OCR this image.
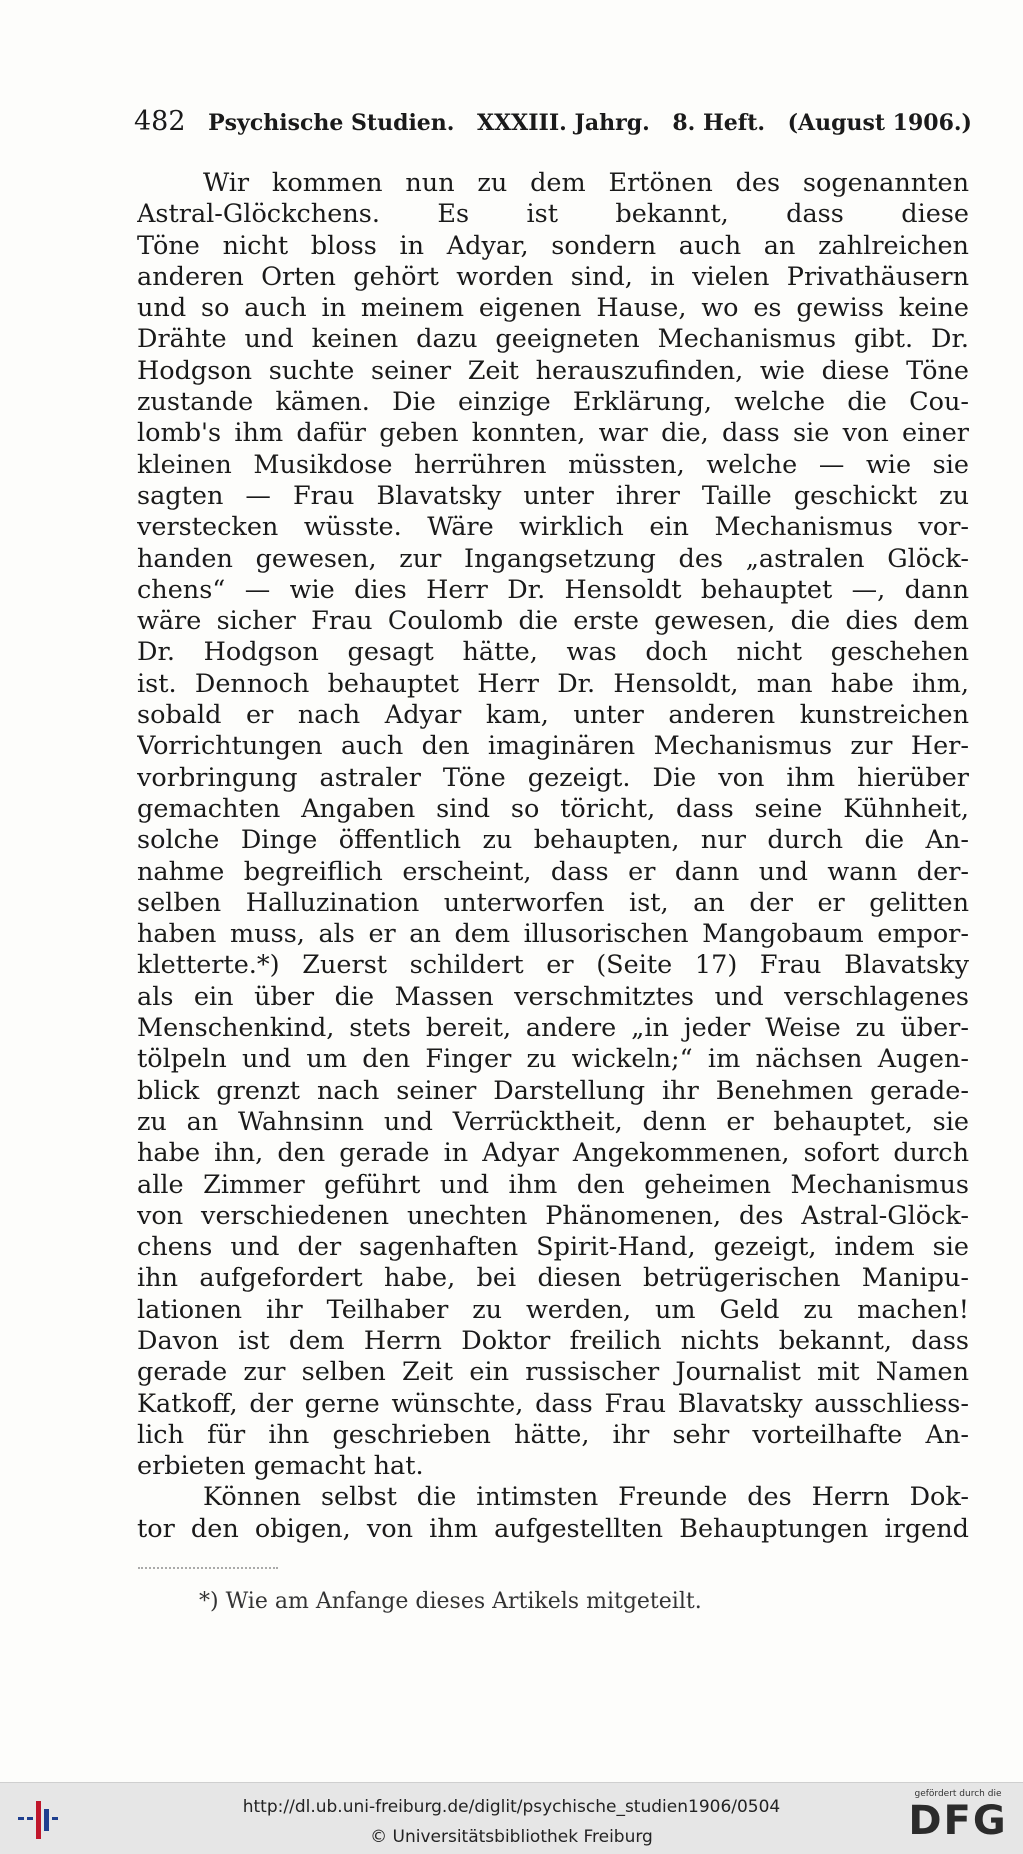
482 Psychische Studien. XXXIII. Jahrg. 8. Heft. (August 1906.)
Wir kommen nun zu dem Ertönen des sogenannten
Astral-Glöckchens. Es ist bekannt, dass diese
Töne nicht bloss in Adyar, sondern auch an zahlreichen
anderen Orten gehört worden sind, in vielen Privathäusern
und so auch in meinem eigenen Hause, wo es gewiss keine
Drähte und keinen dazu geeigneten Mechanismus gibt. Dr.
Hodgson suchte seiner Zeit herauszufinden, wie diese Töne
zustande kämen. Die einzige Erklärung, welche die Cou-
lomb's ihm dafür geben konnten, war die, dass sie von einer
kleinen Musikdose herrühren müssten, welche — wie sie
sagten — Frau Blavatsky unter ihrer Taille geschickt zu
verstecken wüsste. Wäre wirklich ein Mechanismus vor-
handen gewesen, zur Ingangsetzung des „astralen Glöck-
chens“ — wie dies Herr Dr. Hensoldt behauptet —, dann
wäre sicher Frau Coulomb die erste gewesen, die dies dem
Dr. Hodgson gesagt hätte, was doch nicht geschehen
ist. Dennoch behauptet Herr Dr. Hensoldt, man habe ihm,
sobald er nach Adyar kam, unter anderen kunstreichen
Vorrichtungen auch den imaginären Mechanismus zur Her-
vorbringung astraler Töne gezeigt. Die von ihm hierüber
gemachten Angaben sind so töricht, dass seine Kühnheit,
solche Dinge öffentlich zu behaupten, nur durch die An-
nahme begreiflich erscheint, dass er dann und wann der-
selben Halluzination unterworfen ist, an der er gelitten
haben muss, als er an dem illusorischen Mangobaum empor-
kletterte.*) Zuerst schildert er (Seite 17) Frau Blavatsky
als ein über die Massen verschmitztes und verschlagenes
Menschenkind, stets bereit, andere „in jeder Weise zu über-
tölpeln und um den Finger zu wickeln;“ im nächsen Augen-
blick grenzt nach seiner Darstellung ihr Benehmen gerade-
zu an Wahnsinn und Verrücktheit, denn er behauptet, sie
habe ihn, den gerade in Adyar Angekommenen, sofort durch
alle Zimmer geführt und ihm den geheimen Mechanismus
von verschiedenen unechten Phänomenen, des Astral-Glöck-
chens und der sagenhaften Spirit-Hand, gezeigt, indem sie
ihn aufgefordert habe, bei diesen betrügerischen Manipu-
lationen ihr Teilhaber zu werden, um Geld zu machen!
Davon ist dem Herrn Doktor freilich nichts bekannt, dass
gerade zur selben Zeit ein russischer Journalist mit Namen
Katkoff, der gerne wünschte, dass Frau Blavatsky ausschliess-
lich für ihn geschrieben hätte, ihr sehr vorteilhafte An-
erbieten gemacht hat.
Können selbst die intimsten Freunde des Herrn Dok-
tor den obigen, von ihm aufgestellten Behauptungen irgend
*) Wie am Anfange dieses Artikels mitgeteilt.
http://dl.ub.uni-freiburg.de/diglit/psychische_studien1906/0504
© Universitätsbibliothek Freiburg
gefördert durch die
DFG
